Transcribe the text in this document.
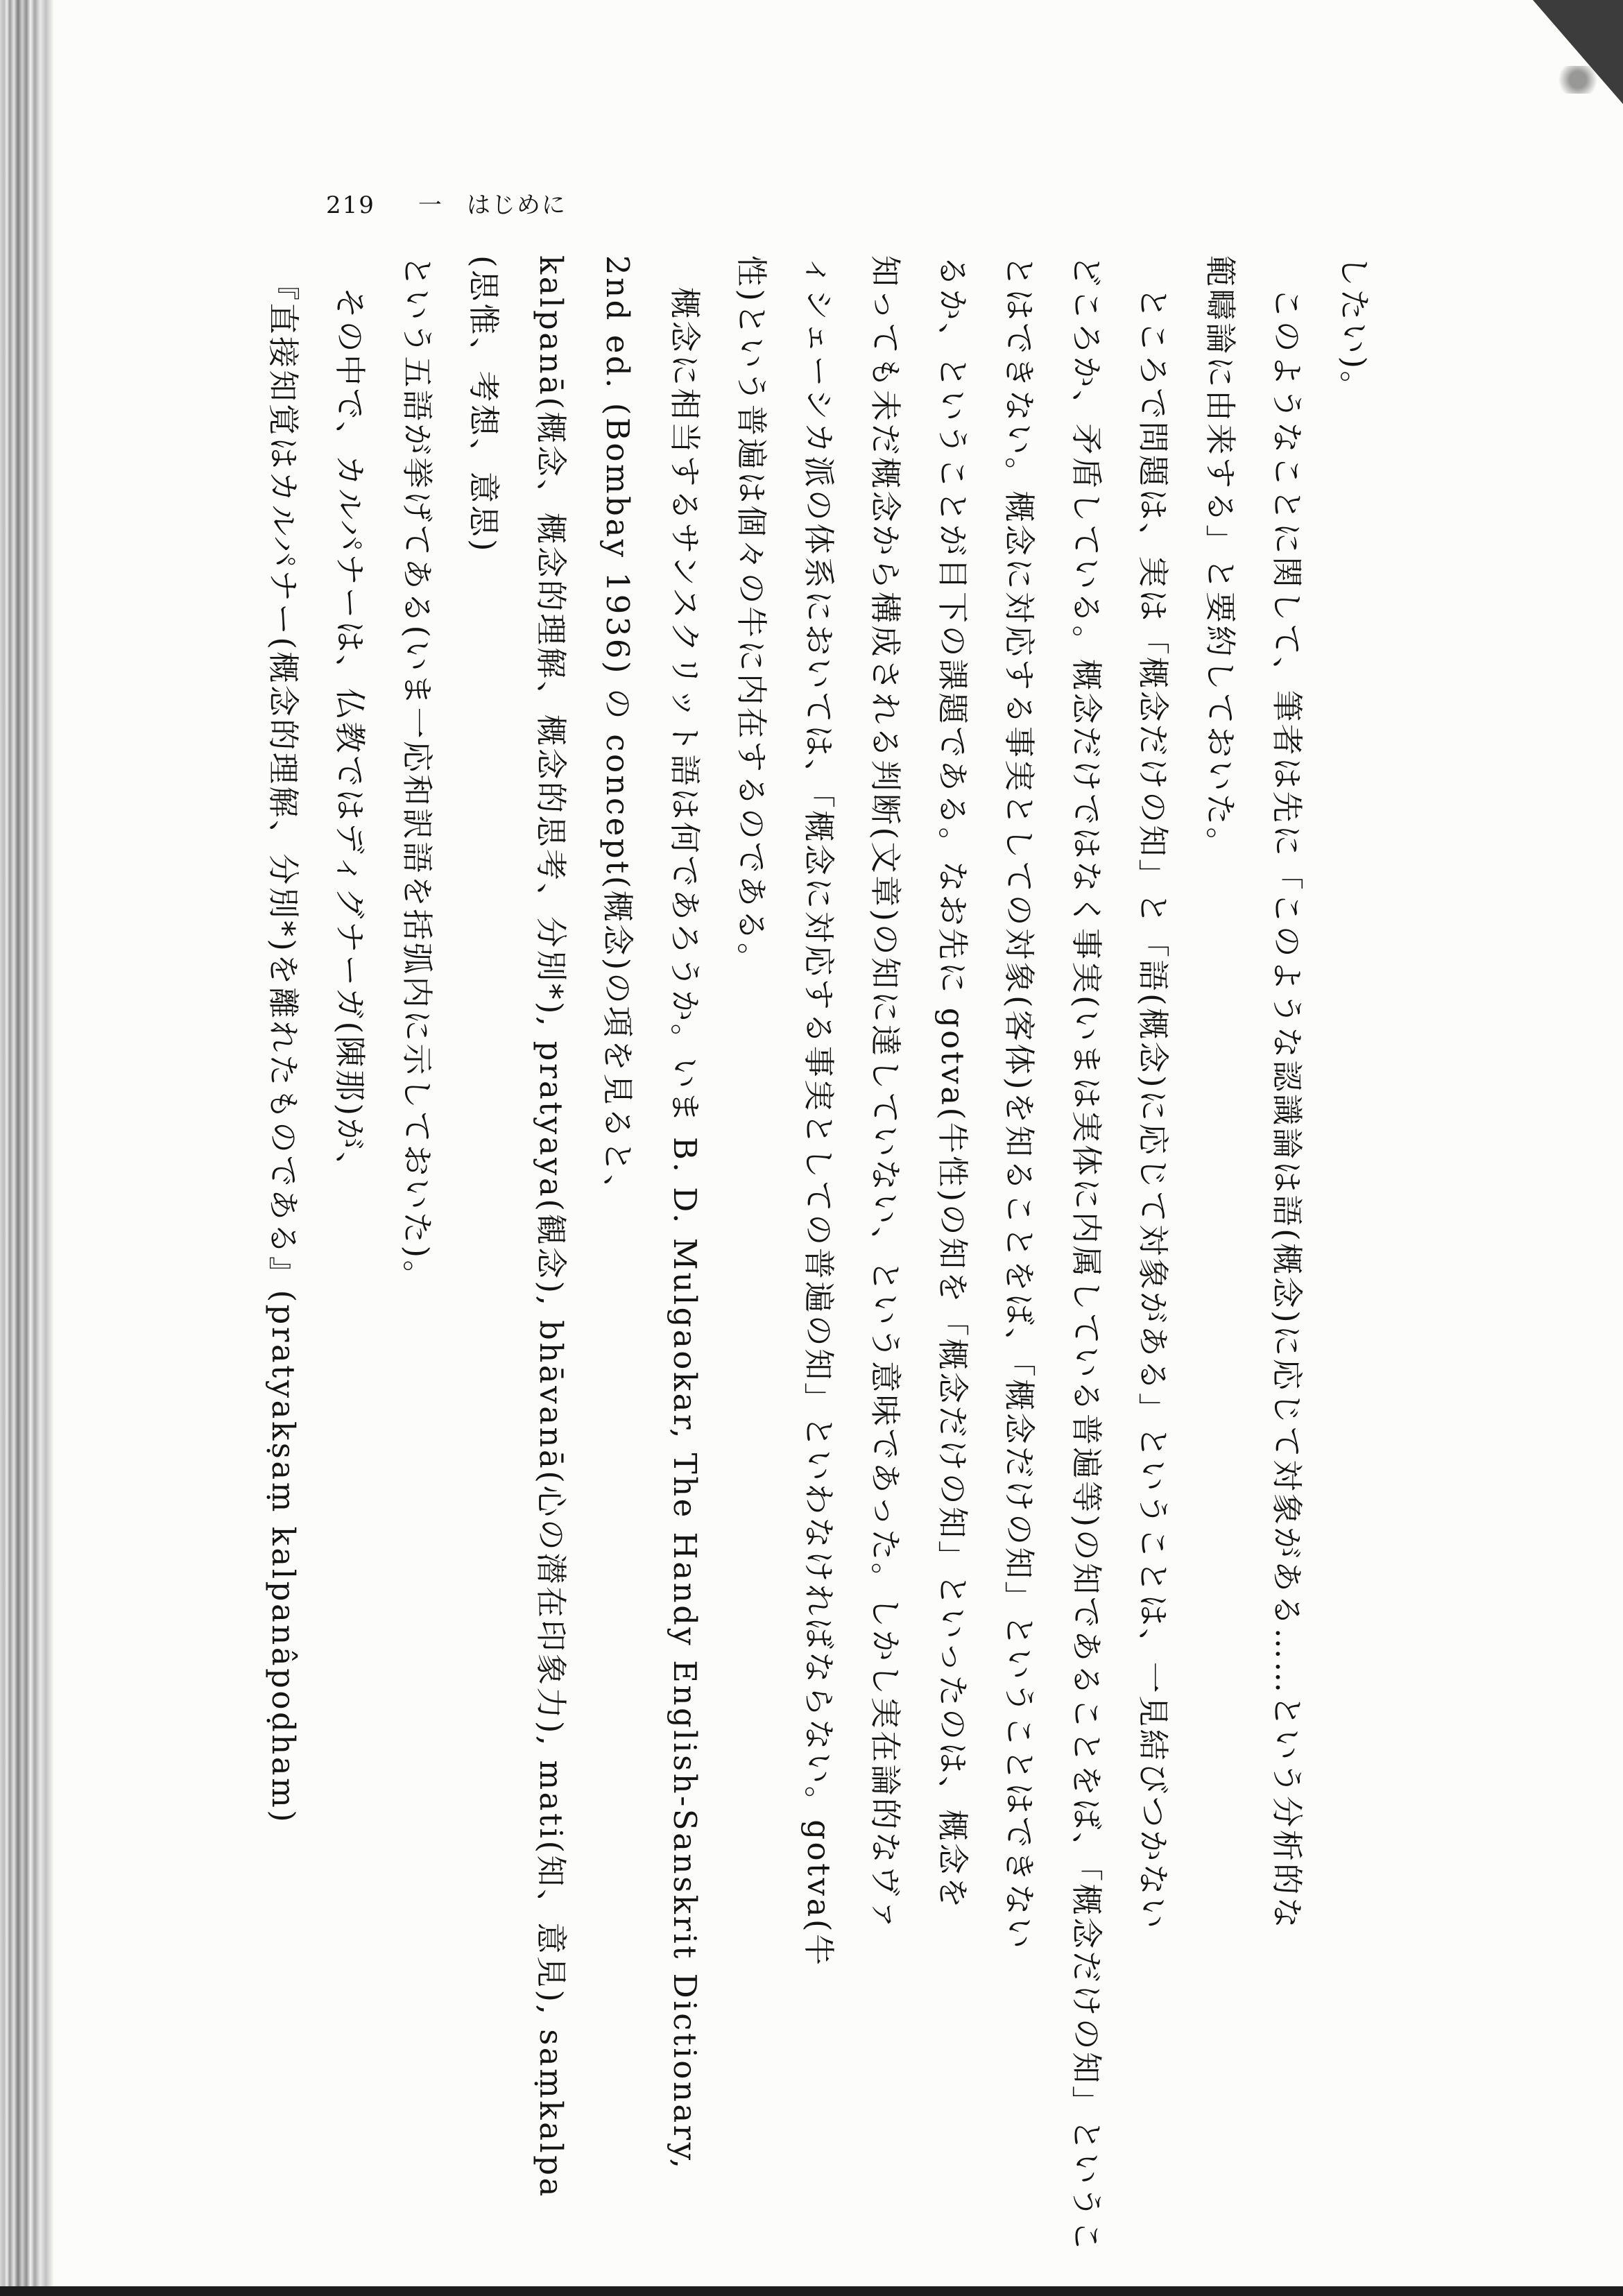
219 一 はじめに
したい)。
このようなことに関して、筆者は先に「このような認識論は語(概念)に応じて対象がある……という分析的な
範疇論に由来する」と要約しておいた。
ところで問題は、実は「概念だけの知」と「語(概念)に応じて対象がある」ということは、一見結びつかない
どころか、矛盾している。概念だけではなく事実(いまは実体に内属している普遍等)の知であることをば、「概念だけの知」というこ
とはできない。概念に対応する事実としての対象(客体)を知ることをば、「概念だけの知」ということはできない
るか、ということが目下の課題である。なお先に gotva(牛性)の知を「概念だけの知」といったのは、概念を
知っても未だ概念から構成される判断(文章)の知に達していない、という意味であった。しかし実在論的なヴァ
ィシェーシカ派の体系においては、「概念に対応する事実としての普遍の知」といわなければならない。gotva(牛
性)という普遍は個々の牛に内在するのである。
概念に相当するサンスクリット語は何であろうか。いま B. D. Mulgaokar, The Handy English-Sanskrit Dictionary,
2nd ed. (Bombay 1936) の concept(概念)の項を見ると、
kalpanā(概念、概念的理解、概念的思考、分別*), pratyaya(観念), bhāvanā(心の潜在印象力), mati(知、意見), saṃkalpa
(思惟、考想、意思)
という五語が挙げてある(いま一応和訳語を括弧内に示しておいた)。
その中で、カルパナーは、仏教ではディグナーガ(陳那)が、
『直接知覚はカルパナー(概念的理解、分別*)を離れたものである』(pratyakṣaṃ kalpanâpoḍham)
